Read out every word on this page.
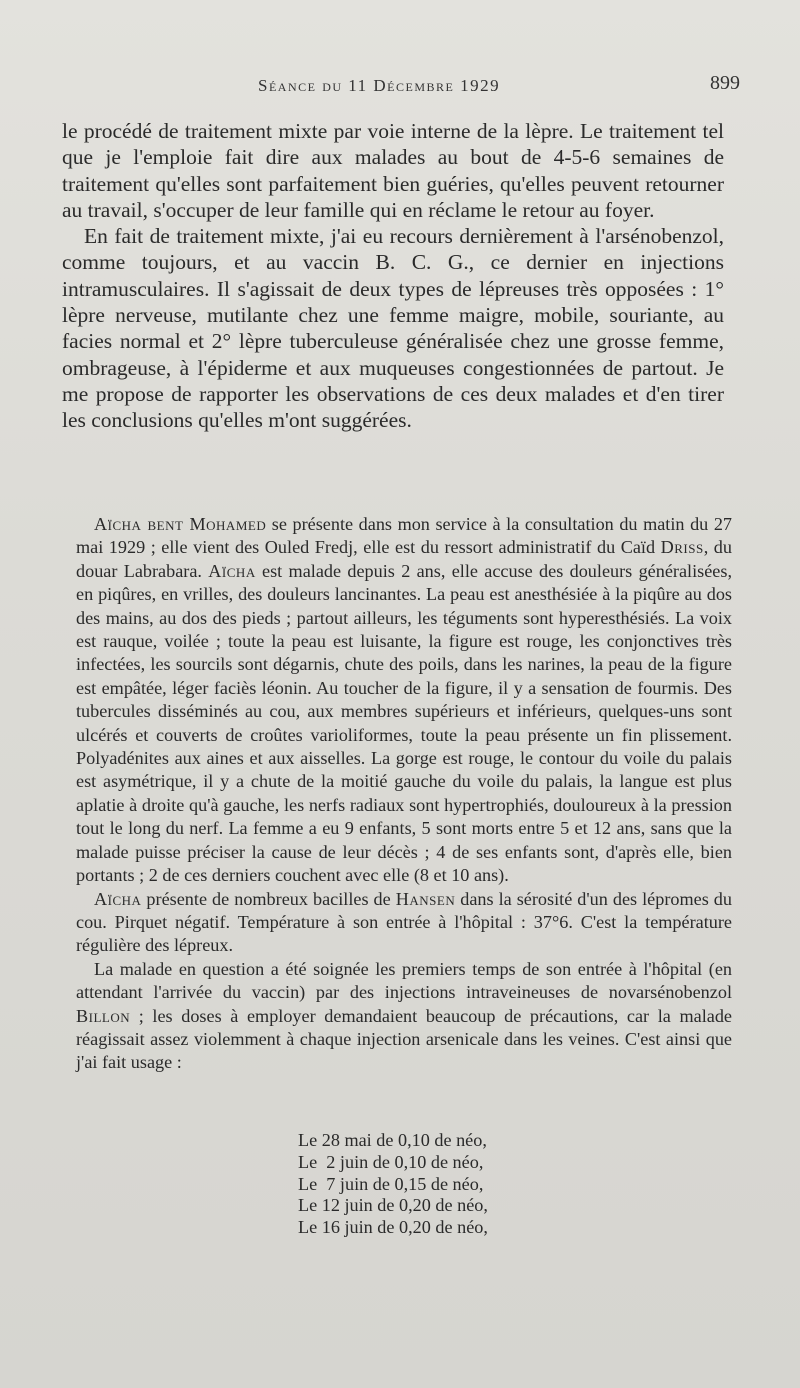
Séance du 11 Décembre 1929	899

le procédé de traitement mixte par voie interne de la lèpre. Le traitement tel que je l'emploie fait dire aux malades au bout de 4-5-6 semaines de traitement qu'elles sont parfaitement bien guéries, qu'elles peuvent retourner au travail, s'occuper de leur famille qui en réclame le retour au foyer.

En fait de traitement mixte, j'ai eu recours dernièrement à l'arsénobenzol, comme toujours, et au vaccin B. C. G., ce dernier en injections intramusculaires. Il s'agissait de deux types de lépreuses très opposées : 1° lèpre nerveuse, mutilante chez une femme maigre, mobile, souriante, au facies normal et 2° lèpre tuberculeuse généralisée chez une grosse femme, ombrageuse, à l'épiderme et aux muqueuses congestionnées de partout. Je me propose de rapporter les observations de ces deux malades et d'en tirer les conclusions qu'elles m'ont suggérées.

Aïcha bent Mohamed se présente dans mon service à la consultation du matin du 27 mai 1929 ; elle vient des Ouled Fredj, elle est du ressort administratif du Caïd Driss, du douar Labrabara. Aïcha est malade depuis 2 ans, elle accuse des douleurs généralisées, en piqûres, en vrilles, des douleurs lancinantes. La peau est anesthésiée à la piqûre au dos des mains, au dos des pieds ; partout ailleurs, les téguments sont hyperesthésiés. La voix est rauque, voilée ; toute la peau est luisante, la figure est rouge, les conjonctives très infectées, les sourcils sont dégarnis, chute des poils, dans les narines, la peau de la figure est empâtée, léger faciès léonin. Au toucher de la figure, il y a sensation de fourmis. Des tubercules disséminés au cou, aux membres supérieurs et inférieurs, quelques-uns sont ulcérés et couverts de croûtes varioliformes, toute la peau présente un fin plissement. Polyadénites aux aines et aux aisselles. La gorge est rouge, le contour du voile du palais est asymétrique, il y a chute de la moitié gauche du voile du palais, la langue est plus aplatie à droite qu'à gauche, les nerfs radiaux sont hypertrophiés, douloureux à la pression tout le long du nerf. La femme a eu 9 enfants, 5 sont morts entre 5 et 12 ans, sans que la malade puisse préciser la cause de leur décès ; 4 de ses enfants sont, d'après elle, bien portants ; 2 de ces derniers couchent avec elle (8 et 10 ans).

Aïcha présente de nombreux bacilles de Hansen dans la sérosité d'un des lépromes du cou. Pirquet négatif. Température à son entrée à l'hôpital : 37°6. C'est la température régulière des lépreux.

La malade en question a été soignée les premiers temps de son entrée à l'hôpital (en attendant l'arrivée du vaccin) par des injections intraveineuses de novarsénobenzol Billon ; les doses à employer demandaient beaucoup de précautions, car la malade réagissait assez violemment à chaque injection arsenicale dans les veines. C'est ainsi que j'ai fait usage :

Le 28 mai de 0,10 de néo,
Le  2 juin de 0,10 de néo,
Le  7 juin de 0,15 de néo,
Le 12 juin de 0,20 de néo,
Le 16 juin de 0,20 de néo,
